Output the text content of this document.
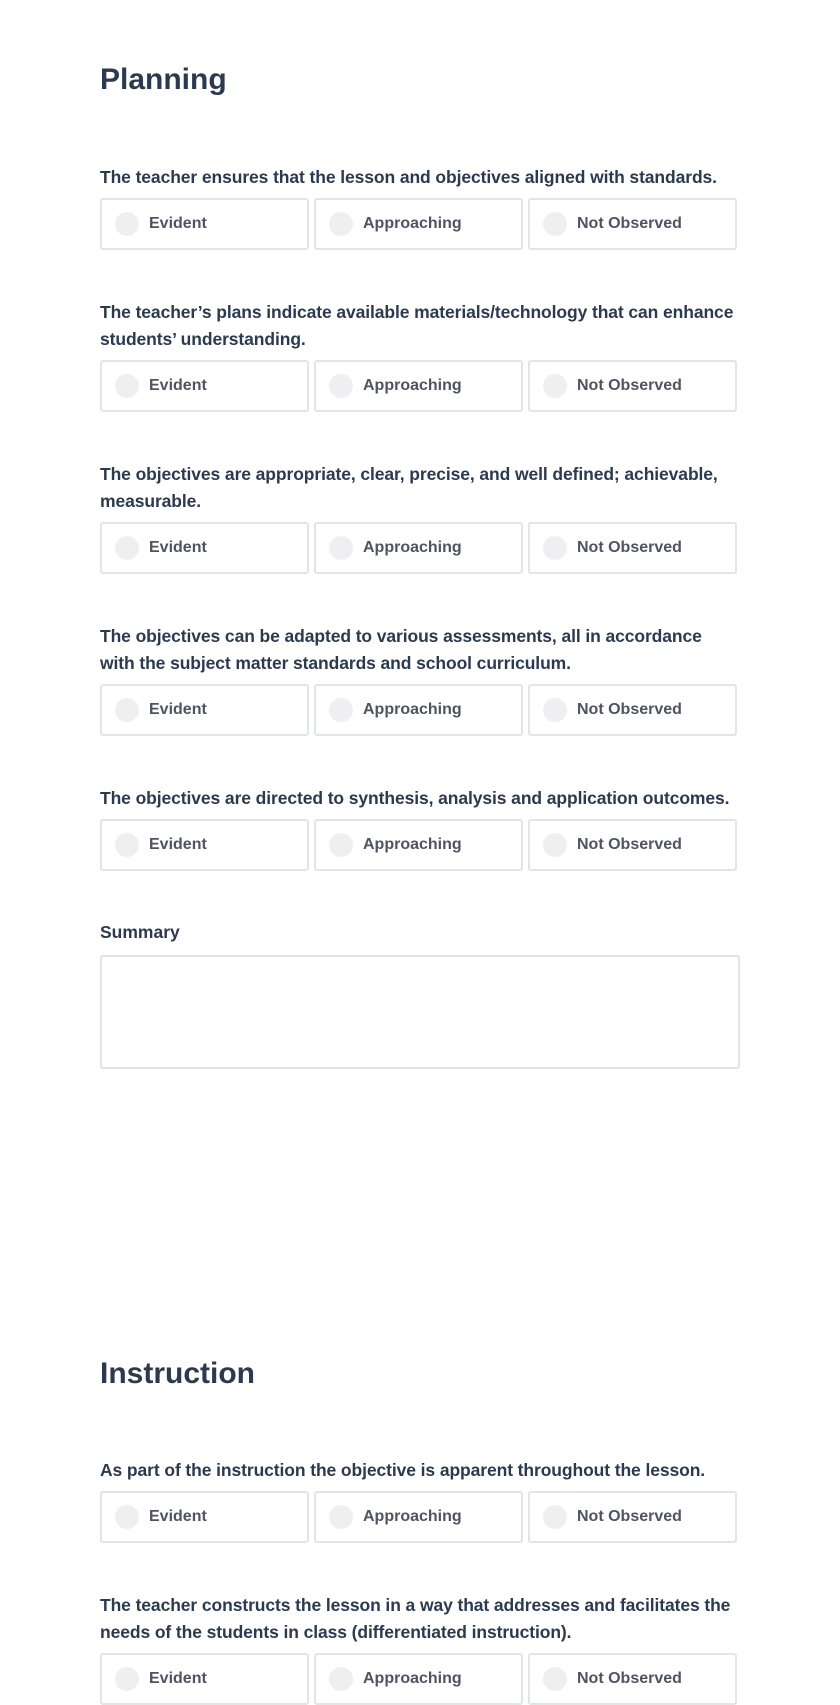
Planning

The teacher ensures that the lesson and objectives aligned with standards.

Evident	Approaching	Not Observed

The teacher’s plans indicate available materials/technology that can enhance students’ understanding.

Evident	Approaching	Not Observed

The objectives are appropriate, clear, precise, and well defined; achievable, measurable.

Evident	Approaching	Not Observed

The objectives can be adapted to various assessments, all in accordance with the subject matter standards and school curriculum.

Evident	Approaching	Not Observed

The objectives are directed to synthesis, analysis and application outcomes.

Evident	Approaching	Not Observed

Summary

Instruction

As part of the instruction the objective is apparent throughout the lesson.

Evident	Approaching	Not Observed

The teacher constructs the lesson in a way that addresses and facilitates the needs of the students in class (differentiated instruction).

Evident	Approaching	Not Observed
